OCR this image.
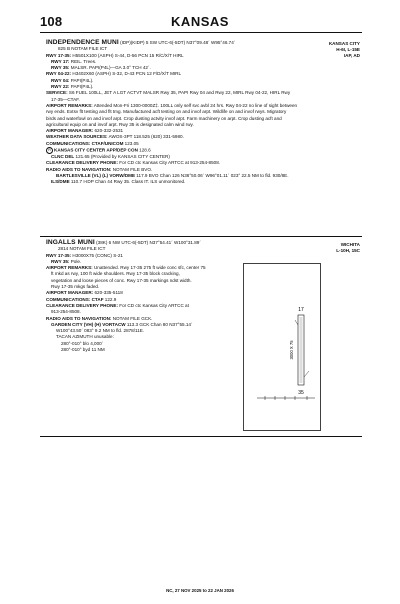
108	KANSAS
KANSAS CITY
H-6I, L-15E
IAP, AD
INDEPENDENCE MUNI (IDP)(KIDP) 5 SW UTC-6(-5DT) N37°09.48´ W95°46.74´
825 B NOTAM FILE ICT
RWY 17-35: H5501X100 (ASPH) S-44, D-56 PCN 15 R/C/X/T HIRL
RWY 17: REIL. Trees.
RWY 35: MALSR. PAPI(P4L)—GA 3.0° TCH 42´.
RWY 04-22: H3402X60 (ASPH) S-32, D-43 PCN 12 F/D/X/T MIRL
RWY 04: PAPI(P4L).
RWY 22: PAPI(P4L).
SERVICE: S6 FUEL 100LL, JET A LGT ACTVT MALSR Rwy 35, PAPI Rwy 04 and Rwy 22, MIRL Rwy 04-22, HIRL Rwy
17-35—CTAF.
AIRPORT REMARKS: Attended Mon-Fri 1300-0000Z‡. 100LL only self svc avbl 24 hrs. Rwy 04-22 no line of sight between
rwy ends. Extsv flt testing and flt tmg. Manufactured acft testing on and invof arpt. Wildlife on and invof rwys. Migratory
birds and waterfowl on and invof arpt. Crop dusting actvity invof arpt. Farm machinery on arpt. Crop dusting acft and
agricultural equip on and invof arpt. Rwy 35 is designated calm wind rwy.
AIRPORT MANAGER: 620-332-2531
WEATHER DATA SOURCES: AWOS-3PT 118.525 (620) 331-5980.
COMMUNICATIONS: CTAF/UNICOM 123.05
R KANSAS CITY CENTER APP/DEP CON 128.6
CLNC DEL 121.65 (Provided by KANSAS CITY CENTER)
CLEARANCE DELIVERY PHONE: For CD ctc Kansas City ARTCC at 913-254-8508.
RADIO AIDS TO NAVIGATION: NOTAM FILE BVO.
BARTLESVILLE (VL) (L) VORW/DME 117.9 BVO Chan 126 N36°50.06´ W96°01.11´ 023° 22.5 NM to fld. 930/8E.
ILS/DME 110.7 I-IDP Chan 44 Rwy 35. Class IT. ILS unmonitored.
WICHITA
L-10H, 15C
INGALLS MUNI (38K) 6 NW UTC-6(-5DT) N37°54.41´ W100°31.89´
2814 NOTAM FILE ICT
RWY 17-35: H3000X75 (CONC) S-21
RWY 35: Pole.
AIRPORT REMARKS: Unattended. Rwy 17-35 275 ft wide conc sfc, center 75
ft mkd as rwy, 100 ft wide shoulders. Rwy 17-35 block cracking,
vegetation and loose pieces of conc. Rwy 17-35 markings ndst width.
Rwy 17-35 mkgs faded.
AIRPORT MANAGER: 620-335-5118
COMMUNICATIONS: CTAF 122.9
CLEARANCE DELIVERY PHONE: For CD ctc Kansas City ARTCC at
913-254-8508.
RADIO AIDS TO NAVIGATION: NOTAM FILE GCK.
GARDEN CITY (VH) (H) VORTACW 113.3 GCK Chan 80 N37°55.14´
W100°43.50´ 083° 9.2 NM to fld. 2878/11E.
TACAN AZIMUTH unusable:
280°-010° blo 4,000´
280°-010° byd 11 NM
17
35
3000 X 75
NC, 27 NOV 2025 to 22 JAN 2026
